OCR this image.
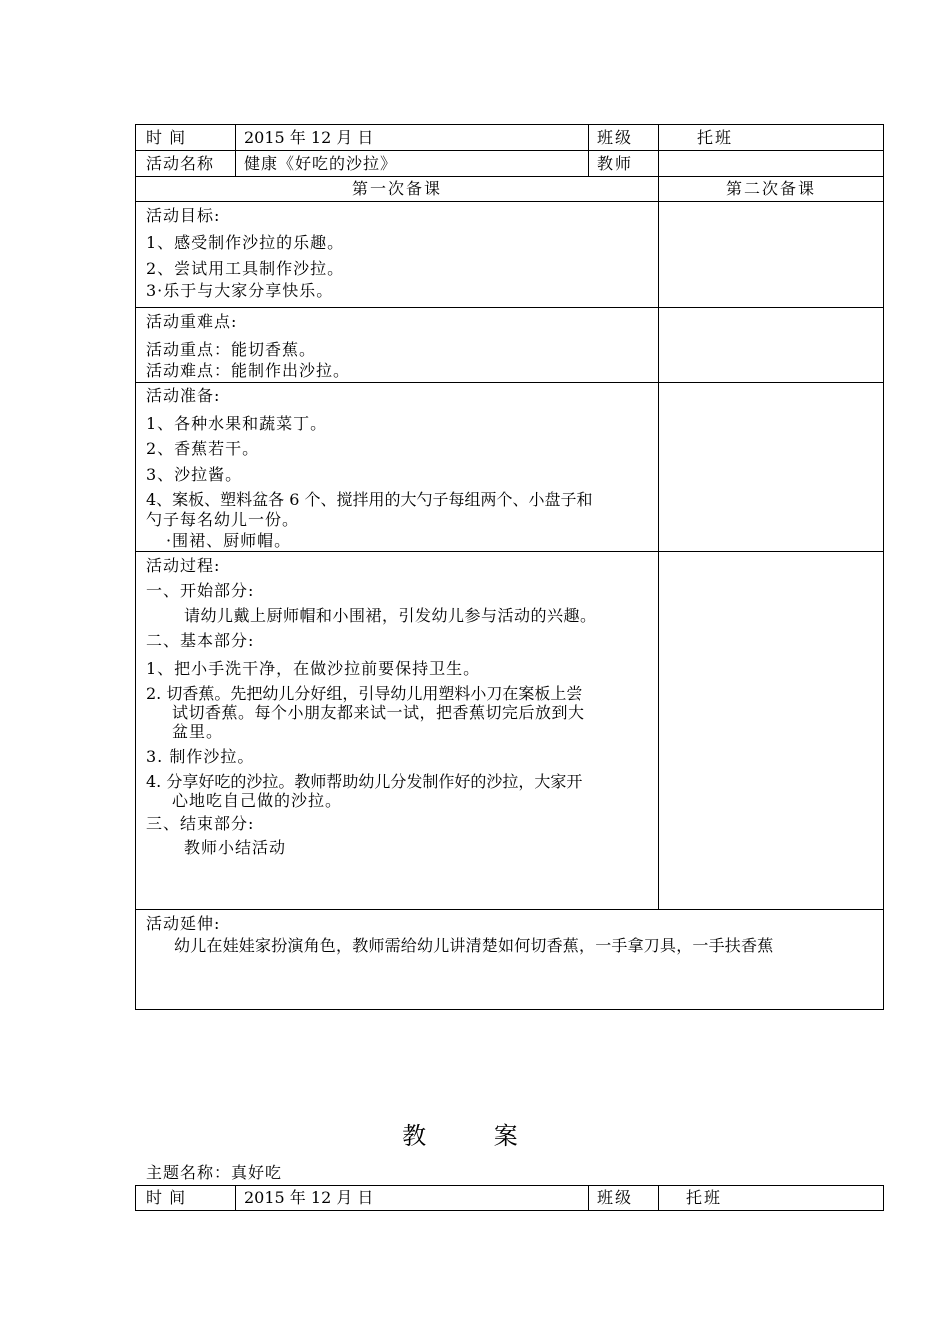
时 间	2015 年 12 月 日	班级	托班
活动名称 健康《好吃的沙拉》	教师
第一次备课	第二次备课
活动目标:
1、感受制作沙拉的乐趣。
2、尝试用工具制作沙拉。
3·乐于与大家分享快乐。
活动重难点:
活动重点：能切香蕉。
活动难点：能制作出沙拉。
活动准备:
1、各种水果和蔬菜丁。
2、香蕉若干。
3、沙拉酱。
4、案板、塑料盆各 6 个、搅拌用的大勺子每组两个、小盘子和
勺子每名幼儿一份。
·围裙、厨师帽。
活动过程:
一、开始部分:
请幼儿戴上厨师帽和小围裙，引发幼儿参与活动的兴趣。
二、基本部分:
1、把小手洗干净，在做沙拉前要保持卫生。
2. 切香蕉。先把幼儿分好组，引导幼儿用塑料小刀在案板上尝
试切香蕉。每个小朋友都来试一试，把香蕉切完后放到大
盆里。
3. 制作沙拉。
4. 分享好吃的沙拉。教师帮助幼儿分发制作好的沙拉，大家开
心地吃自己做的沙拉。
三、结束部分:
教师小结活动
活动延伸:
幼儿在娃娃家扮演角色，教师需给幼儿讲清楚如何切香蕉，一手拿刀具，一手扶香蕉
教 案
主题名称：真好吃
时 间	2015 年 12 月 日	班级	托班
